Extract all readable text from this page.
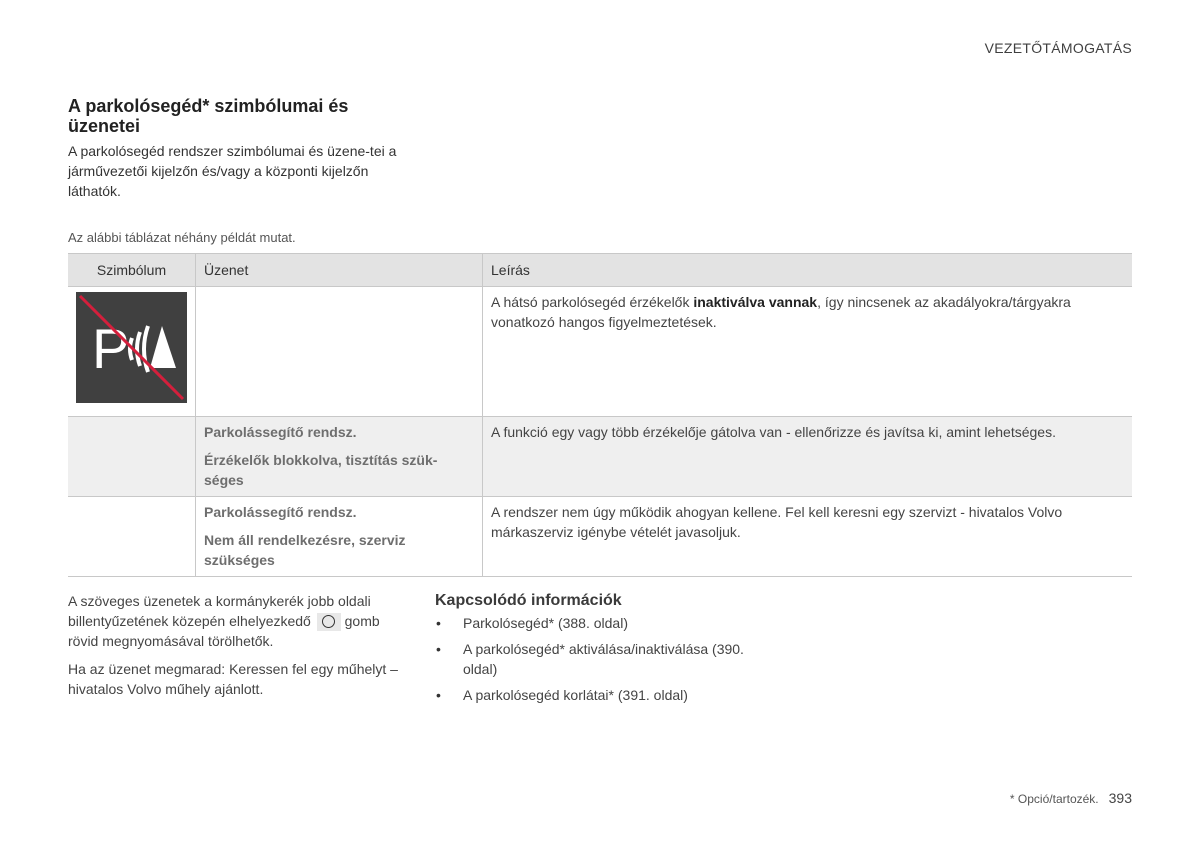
VEZETŐTÁMOGATÁS
A parkolósegéd* szimbólumai és üzenetei

A parkolósegéd rendszer szimbólumai és üzene-tei a járművezetői kijelzőn és/vagy a központi kijelzőn láthatók.

Az alábbi táblázat néhány példát mutat.
Szimbólum	Üzenet	Leírás

P		A hátsó parkolósegéd érzékelők inaktiválva vannak, így nincsenek az akadályokra/tárgyakra vonatkozó hangos figyelmeztetések.

	Parkolássegítő rendsz.

Érzékelők blokkolva, tisztítás szük-séges	A funkció egy vagy több érzékelője gátolva van - ellenőrizze és javítsa ki, amint lehetséges.

	Parkolássegítő rendsz.

Nem áll rendelkezésre, szerviz szükséges	A rendszer nem úgy működik ahogyan kellene. Fel kell keresni egy szervizt - hivatalos Volvo márkaszerviz igénybe vételét javasoljuk.

A szöveges üzenetek a kormánykerék jobb oldali billentyűzetének közepén elhelyezkedő gomb rövid megnyomásával törölhetők.

Ha az üzenet megmarad: Keressen fel egy műhelyt – hivatalos Volvo műhely ajánlott.

Kapcsolódó információk
• Parkolósegéd* (388. oldal)
• A parkolósegéd* aktiválása/inaktiválása (390. oldal)
• A parkolósegéd korlátai* (391. oldal)
* Opció/tartozék. 393
